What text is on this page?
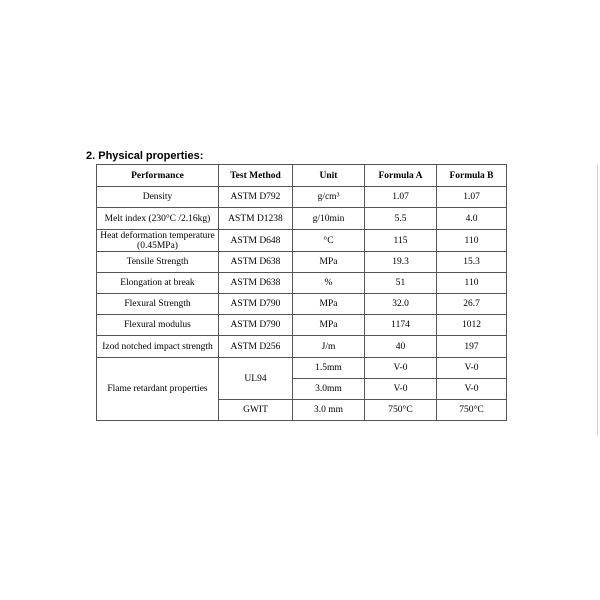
2. Physical properties:
Performance	Test Method	Unit	Formula A	Formula B
Density	ASTM D792	g/cm³	1.07	1.07
Melt index (230°C /2.16kg)	ASTM D1238	g/10min	5.5	4.0
Heat deformation temperature (0.45MPa)	ASTM D648	°C	115	110
Tensile Strength	ASTM D638	MPa	19.3	15.3
Elongation at break	ASTM D638	%	51	110
Flexural Strength	ASTM D790	MPa	32.0	26.7
Flexural modulus	ASTM D790	MPa	1174	1012
Izod notched impact strength	ASTM D256	J/m	40	197
Flame retardant properties	UL94	1.5mm	V-0	V-0
		3.0mm	V-0	V-0
	GWIT	3.0 mm	750°C	750°C
